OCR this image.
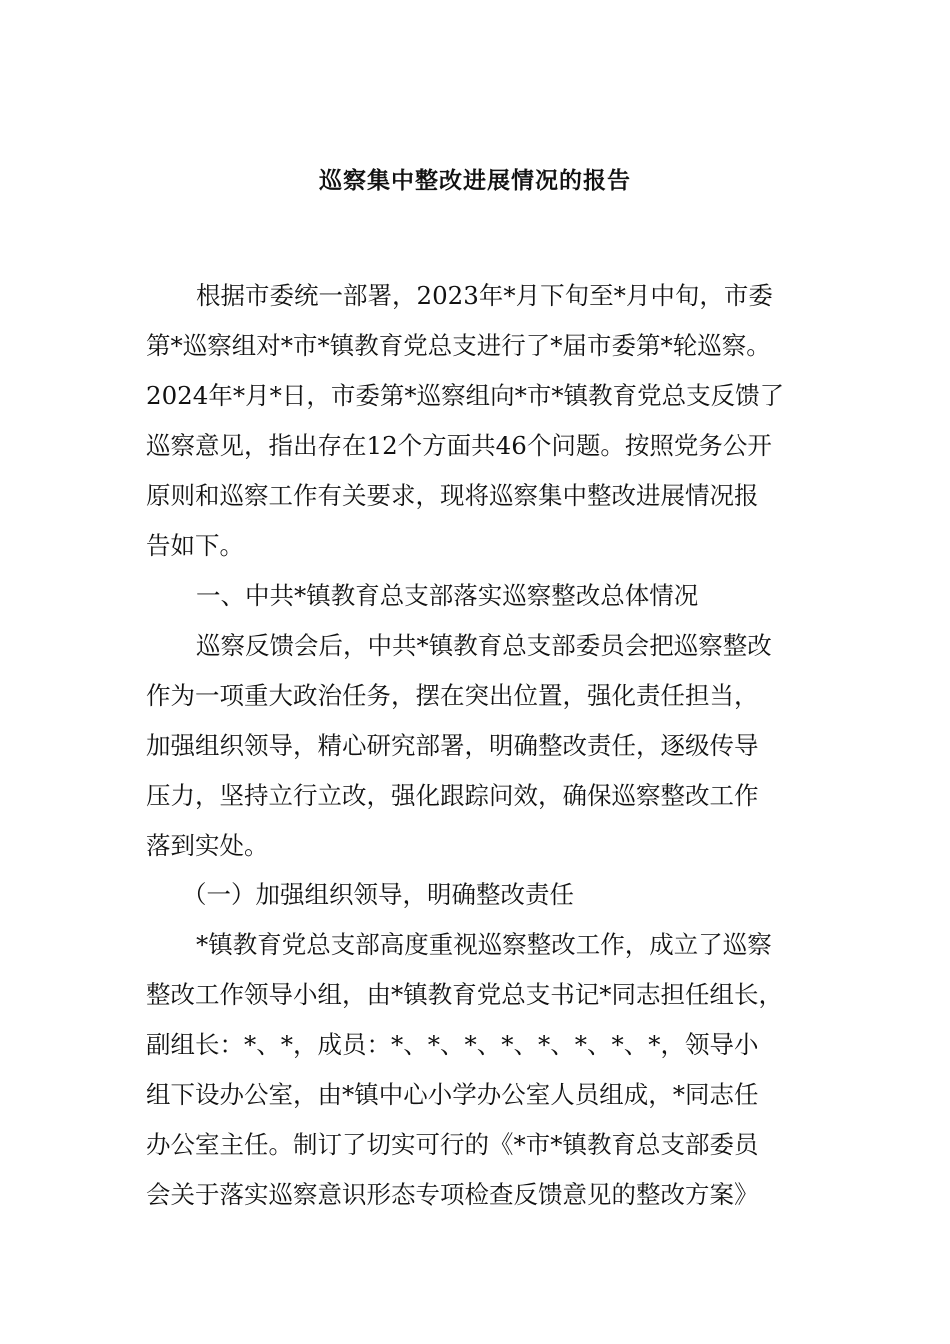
巡察集中整改进展情况的报告

根据市委统一部署，2023年*月下旬至*月中旬，市委

第*巡察组对*市*镇教育党总支进行了*届市委第*轮巡察。

2024年*月*日，市委第*巡察组向*市*镇教育党总支反馈了

巡察意见，指出存在12个方面共46个问题。按照党务公开

原则和巡察工作有关要求，现将巡察集中整改进展情况报

告如下。

一、中共*镇教育总支部落实巡察整改总体情况

巡察反馈会后，中共*镇教育总支部委员会把巡察整改

作为一项重大政治任务，摆在突出位置，强化责任担当，

加强组织领导，精心研究部署，明确整改责任，逐级传导

压力，坚持立行立改，强化跟踪问效，确保巡察整改工作

落到实处。

（一）加强组织领导，明确整改责任

*镇教育党总支部高度重视巡察整改工作，成立了巡察

整改工作领导小组，由*镇教育党总支书记*同志担任组长，

副组长：*、*，成员：*、*、*、*、*、*、*、*，领导小

组下设办公室，由*镇中心小学办公室人员组成，*同志任

办公室主任。制订了切实可行的《*市*镇教育总支部委员

会关于落实巡察意识形态专项检查反馈意见的整改方案》
